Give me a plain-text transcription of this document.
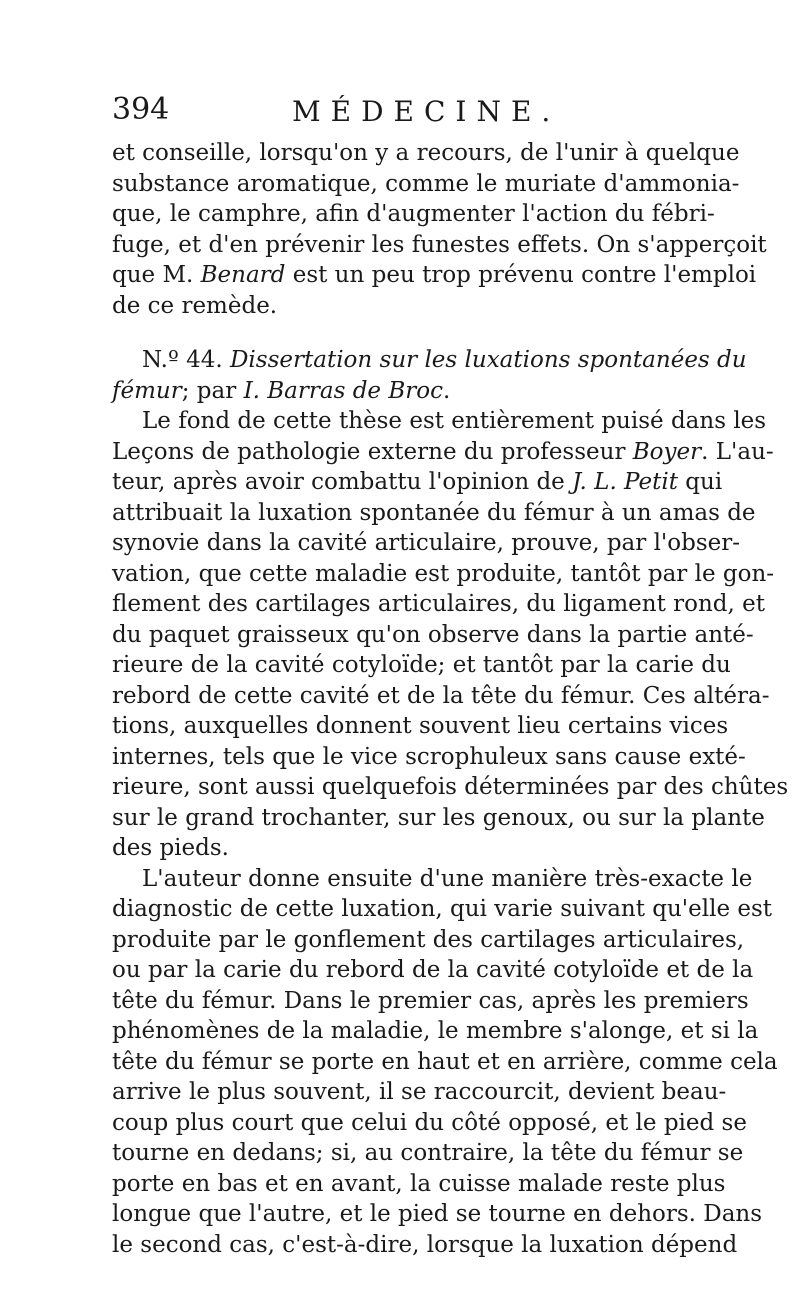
394	MÉDECINE.
et conseille, lorsqu'on y a recours, de l'unir à quelque
substance aromatique, comme le muriate d'ammonia-
que, le camphre, afin d'augmenter l'action du fébri-
fuge, et d'en prévenir les funestes effets. On s'apperçoit
que M. Benard est un peu trop prévenu contre l'emploi
de ce remède.
N.º 44. Dissertation sur les luxations spontanées du
fémur; par I. Barras de Broc.
Le fond de cette thèse est entièrement puisé dans les
Leçons de pathologie externe du professeur Boyer. L'au-
teur, après avoir combattu l'opinion de J. L. Petit qui
attribuait la luxation spontanée du fémur à un amas de
synovie dans la cavité articulaire, prouve, par l'obser-
vation, que cette maladie est produite, tantôt par le gon-
flement des cartilages articulaires, du ligament rond, et
du paquet graisseux qu'on observe dans la partie anté-
rieure de la cavité cotyloïde; et tantôt par la carie du
rebord de cette cavité et de la tête du fémur. Ces altéra-
tions, auxquelles donnent souvent lieu certains vices
internes, tels que le vice scrophuleux sans cause exté-
rieure, sont aussi quelquefois déterminées par des chûtes
sur le grand trochanter, sur les genoux, ou sur la plante
des pieds.
L'auteur donne ensuite d'une manière très-exacte le
diagnostic de cette luxation, qui varie suivant qu'elle est
produite par le gonflement des cartilages articulaires,
ou par la carie du rebord de la cavité cotyloïde et de la
tête du fémur. Dans le premier cas, après les premiers
phénomènes de la maladie, le membre s'alonge, et si la
tête du fémur se porte en haut et en arrière, comme cela
arrive le plus souvent, il se raccourcit, devient beau-
coup plus court que celui du côté opposé, et le pied se
tourne en dedans; si, au contraire, la tête du fémur se
porte en bas et en avant, la cuisse malade reste plus
longue que l'autre, et le pied se tourne en dehors. Dans
le second cas, c'est-à-dire, lorsque la luxation dépend
